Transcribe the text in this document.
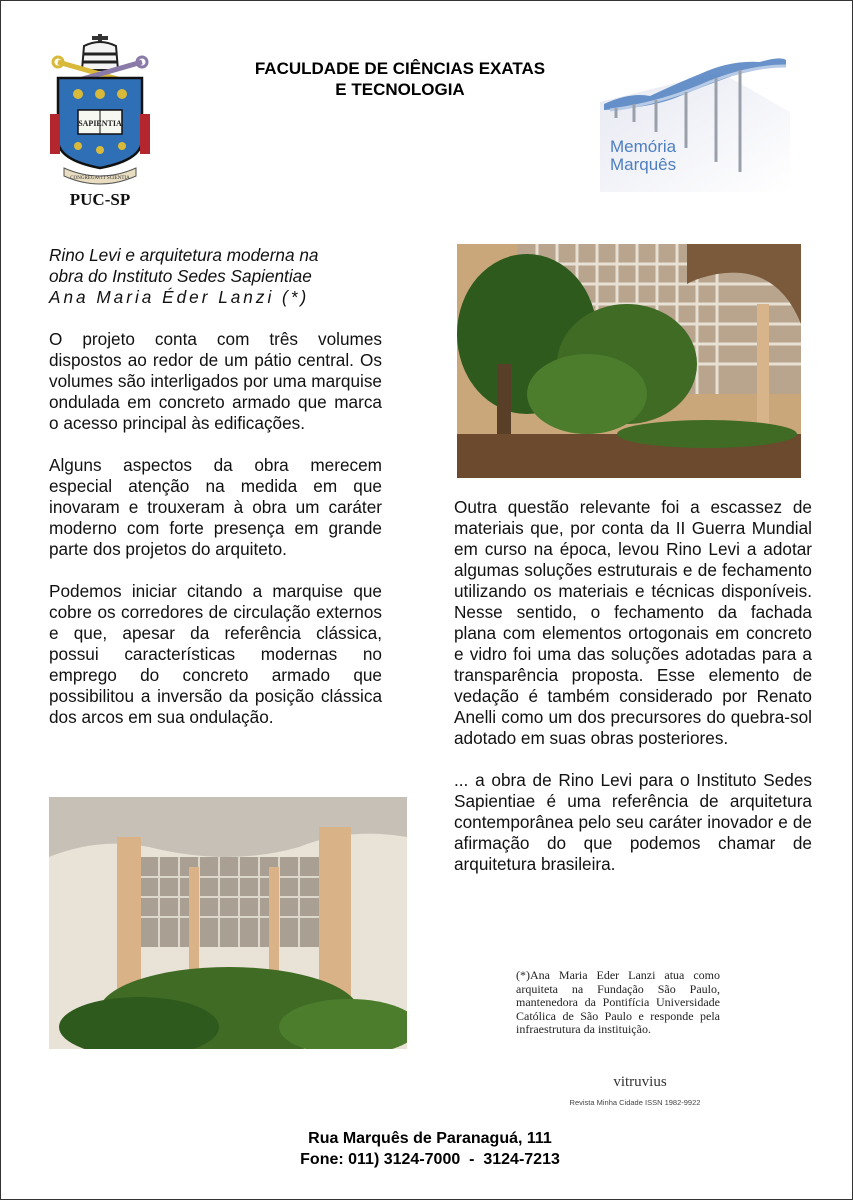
SAPIENTIA
CONGREGAVIT SCIENTIA
PUC-SP
FACULDADE DE CIÊNCIAS EXATAS
E TECNOLOGIA
Memória
Marquês

Rino Levi e arquitetura moderna na
obra do Instituto Sedes Sapientiae
Ana Maria Éder Lanzi (*)

O projeto conta com três volumes dispostos ao redor de um pátio central. Os volumes são interligados por uma marquise ondulada em concreto armado que marca o acesso principal às edificações.

Alguns aspectos da obra merecem especial atenção na medida em que inovaram e trouxeram à obra um caráter moderno com forte presença em grande parte dos projetos do arquiteto.

Podemos iniciar citando a marquise que cobre os corredores de circulação externos e que, apesar da referência clássica, possui características modernas no emprego do concreto armado que possibilitou a inversão da posição clássica dos arcos em sua ondulação.

Outra questão relevante foi a escassez de materiais que, por conta da II Guerra Mundial em curso na época, levou Rino Levi a adotar algumas soluções estruturais e de fechamento utilizando os materiais e técnicas disponíveis. Nesse sentido, o fechamento da fachada plana com elementos ortogonais em concreto e vidro foi uma das soluções adotadas para a transparência proposta. Esse elemento de vedação é também considerado por Renato Anelli como um dos precursores do quebra-sol adotado em suas obras posteriores.

... a obra de Rino Levi para o Instituto Sedes Sapientiae é uma referência de arquitetura contemporânea pelo seu caráter inovador e de afirmação do que podemos chamar de arquitetura brasileira.

(*)Ana Maria Eder Lanzi atua como arquiteta na Fundação São Paulo, mantenedora da Pontifícia Universidade Católica de São Paulo e responde pela infraestrutura da instituição.
vitruvius
Revista Minha Cidade ISSN 1982-9922
Rua Marquês de Paranaguá, 111
Fone: 011) 3124-7000  -  3124-7213
